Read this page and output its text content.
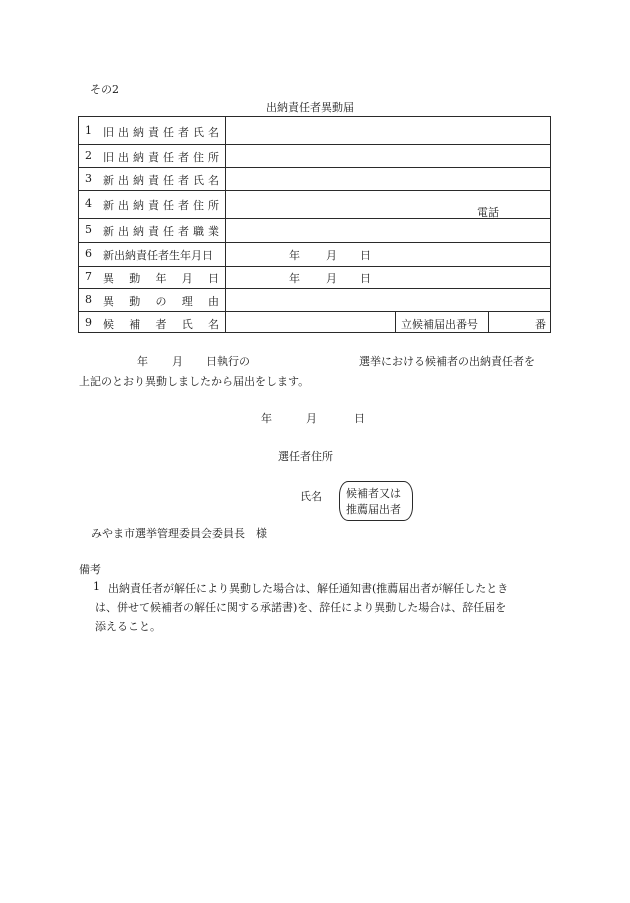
その2
出納責任者異動届
1	旧 出 納 責 任 者 氏 名
2	旧 出 納 責 任 者 住 所
3	新 出 納 責 任 者 氏 名
4	新 出 納 責 任 者 住 所
電話
5	新 出 納 責 任 者 職 業
6	新出納責任者生年月日	年 月 日
7	異 動 年 月 日	年 月 日
8	異 動 の 理 由
9	候 補 者 氏 名	立候補届出番号	番
年 月 日執行の	選挙における候補者の出納責任者を
上記のとおり異動しましたから届出をします。
年	月	日
選任者住所
氏名 候補者又は
推薦届出者
みやま市選挙管理委員会委員長　様
備考
1 出納責任者が解任により異動した場合は、解任通知書(推薦届出者が解任したとき
は、併せて候補者の解任に関する承諾書)を、辞任により異動した場合は、辞任届を
添えること。
